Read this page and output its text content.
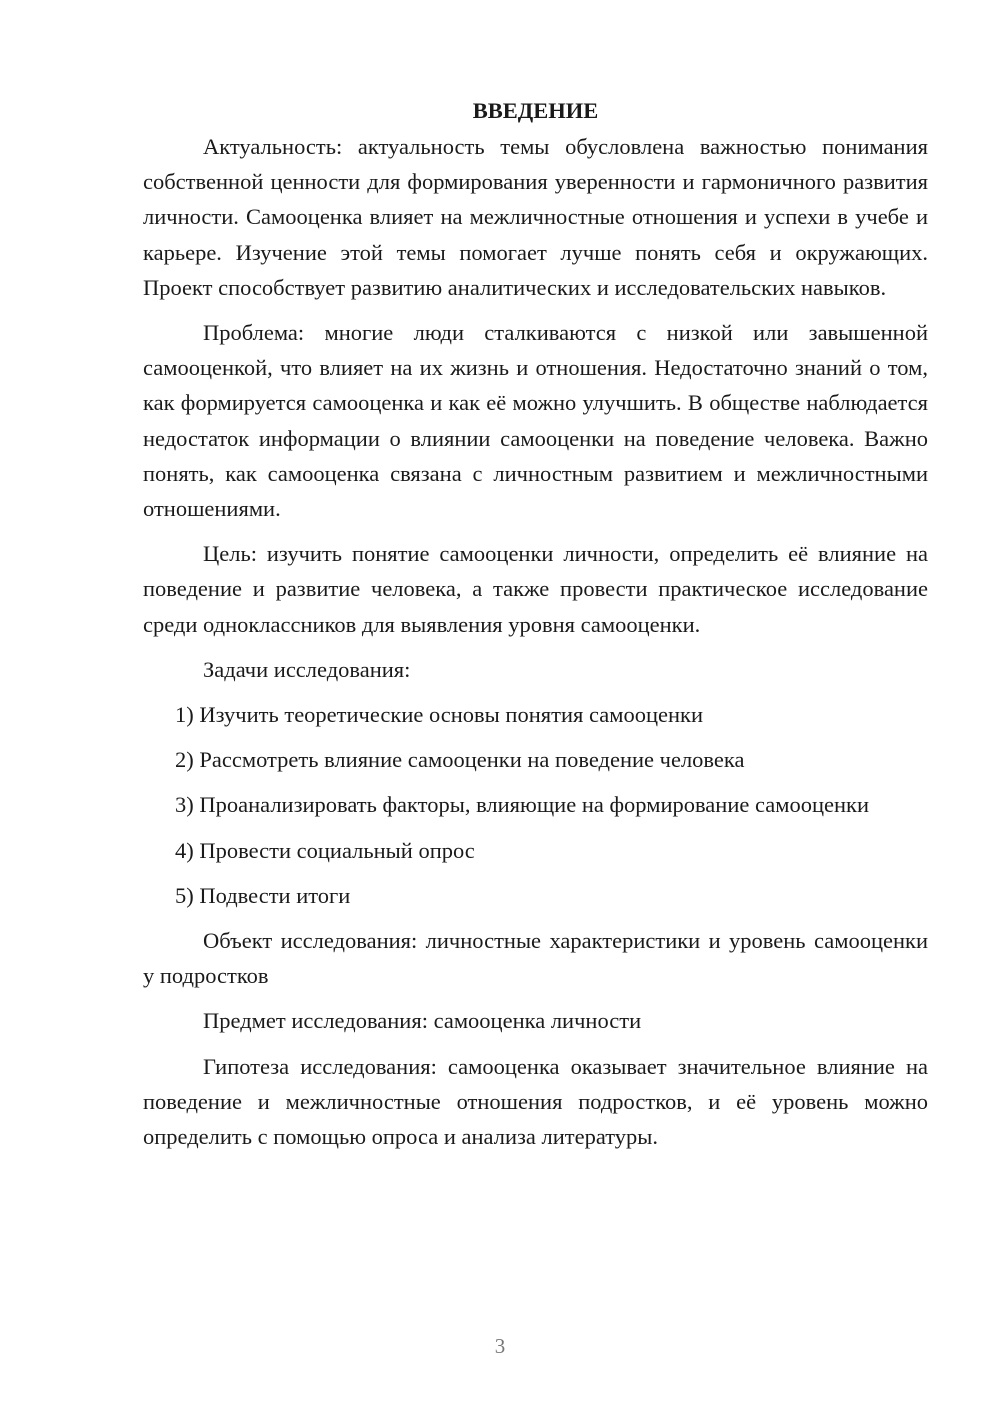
ВВЕДЕНИЕ

Актуальность: актуальность темы обусловлена важностью понимания собственной ценности для формирования уверенности и гармоничного развития личности. Самооценка влияет на межличностные отношения и успехи в учебе и карьере. Изучение этой темы помогает лучше понять себя и окружающих. Проект способствует развитию аналитических и исследовательских навыков.

Проблема: многие люди сталкиваются с низкой или завышенной самооценкой, что влияет на их жизнь и отношения. Недостаточно знаний о том, как формируется самооценка и как её можно улучшить. В обществе наблюдается недостаток информации о влиянии самооценки на поведение человека. Важно понять, как самооценка связана с личностным развитием и межличностными отношениями.

Цель: изучить понятие самооценки личности, определить её влияние на поведение и развитие человека, а также провести практическое исследование среди одноклассников для выявления уровня самооценки.

Задачи исследования:

1) Изучить теоретические основы понятия самооценки

2) Рассмотреть влияние самооценки на поведение человека

3) Проанализировать факторы, влияющие на формирование самооценки

4) Провести социальный опрос

5) Подвести итоги

Объект исследования: личностные характеристики и уровень самооценки у подростков

Предмет исследования: самооценка личности

Гипотеза исследования: самооценка оказывает значительное влияние на поведение и межличностные отношения подростков, и её уровень можно определить с помощью опроса и анализа литературы.

3
